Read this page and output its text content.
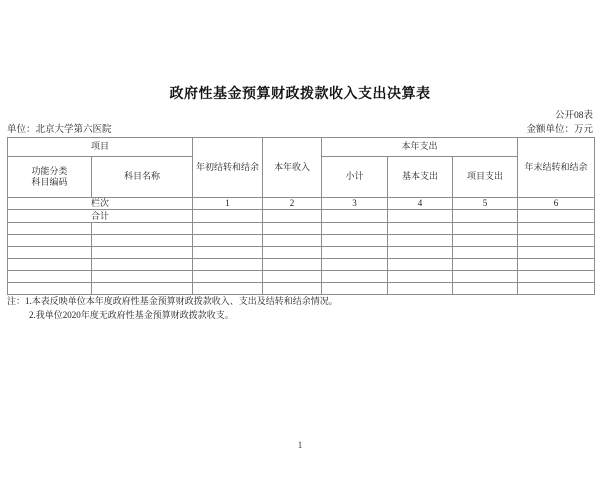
政府性基金预算财政拨款收入支出决算表
公开08表
单位：北京大学第六医院	金额单位：万元
项目		年初结转和结余	本年收入	本年支出			年末结转和结余
功能分类
科目编码	科目名称			小计	基本支出	项目支出	
栏次		1	2	3	4	5	6
合计							

注：1.本表反映单位本年度政府性基金预算财政拨款收入、支出及结转和结余情况。
2.我单位2020年度无政府性基金预算财政拨款收支。
1
